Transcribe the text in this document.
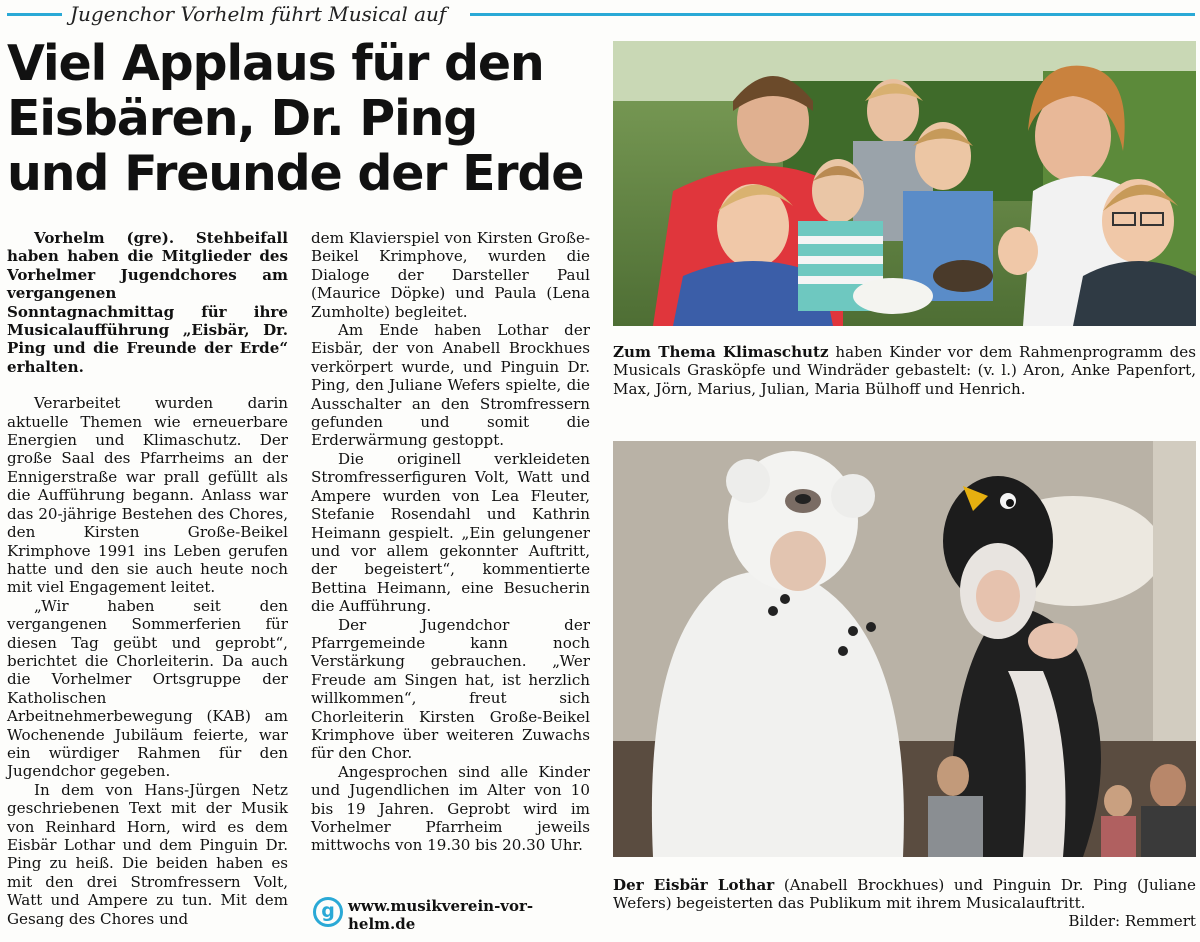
Jugenchor Vorhelm führt Musical auf
Viel Applaus für den
Eisbären, Dr. Ping
und Freunde der Erde

Vorhelm (gre). Stehbeifall haben haben die Mitglieder des Vorhelmer Jugendchores am vergangenen Sonntagnachmittag für ihre Musicalaufführung „Eisbär, Dr. Ping und die Freunde der Erde“ erhalten.

Verarbeitet wurden darin aktuelle Themen wie erneuerbare Energien und Klimaschutz. Der große Saal des Pfarrheims an der Ennigerstraße war prall gefüllt als die Aufführung begann. Anlass war das 20-jährige Bestehen des Chores, den Kirsten Große-Beikel Krimphove 1991 ins Leben gerufen hatte und den sie auch heute noch mit viel Engagement leitet.

„Wir haben seit den vergangenen Sommerferien für diesen Tag geübt und geprobt“, berichtet die Chorleiterin. Da auch die Vorhelmer Ortsgruppe der Katholischen Arbeitnehmerbewegung (KAB) am Wochenende Jubiläum feierte, war ein würdiger Rahmen für den Jugendchor gegeben.

In dem von Hans-Jürgen Netz geschriebenen Text mit der Musik von Reinhard Horn, wird es dem Eisbär Lothar und dem Pinguin Dr. Ping zu heiß. Die beiden haben es mit den drei Stromfressern Volt, Watt und Ampere zu tun. Mit dem Gesang des Chores und

dem Klavierspiel von Kirsten Große-Beikel Krimphove, wurden die Dialoge der Darsteller Paul (Maurice Döpke) und Paula (Lena Zumholte) begleitet.

Am Ende haben Lothar der Eisbär, der von Anabell Brockhues verkörpert wurde, und Pinguin Dr. Ping, den Juliane Wefers spielte, die Ausschalter an den Stromfressern gefunden und somit die Erderwärmung gestoppt.

Die originell verkleideten Stromfresserfiguren Volt, Watt und Ampere wurden von Lea Fleuter, Stefanie Rosendahl und Kathrin Heimann gespielt. „Ein gelungener und vor allem gekonnter Auftritt, der begeistert“, kommentierte Bettina Heimann, eine Besucherin die Aufführung.

Der Jugendchor der Pfarrgemeinde kann noch Verstärkung gebrauchen. „Wer Freude am Singen hat, ist herzlich willkommen“, freut sich Chorleiterin Kirsten Große-Beikel Krimphove über weiteren Zuwachs für den Chor.

Angesprochen sind alle Kinder und Jugendlichen im Alter von 10 bis 19 Jahren. Geprobt wird im Vorhelmer Pfarrheim jeweils mittwochs von 19.30 bis 20.30 Uhr.

g www.musikverein-vor-
helm.de
Zum Thema Klimaschutz haben Kinder vor dem Rahmenprogramm des Musicals Grasköpfe und Windräder gebastelt: (v. l.) Aron, Anke Papenfort, Max, Jörn, Marius, Julian, Maria Bülhoff und Henrich.
Der Eisbär Lothar (Anabell Brockhues) und Pinguin Dr. Ping (Juliane Wefers) begeisterten das Publikum mit ihrem Musicalauftritt.
Bilder: Remmert
